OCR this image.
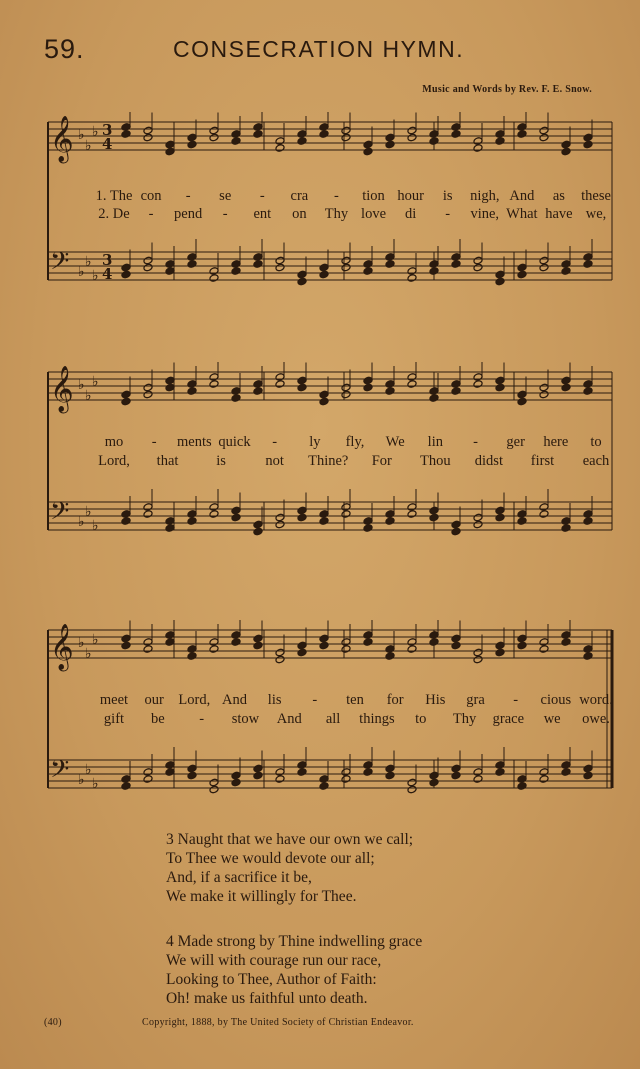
59.	CONSECRATION HYMN.
Music and Words by Rev. F. E. Snow.
𝄞 ♭
♭
♭ 3
4
𝄢 ♭
♭
♭
3
4
1. The con - se - cra - tion hour is nigh, And as these
2. De - pend - ent on Thy love di - vine, What have we,
𝄞 ♭
♭
♭
𝄢 ♭
♭
♭
mo - ments quick - ly fly, We lin - ger here to
Lord, that	is	not Thine? For Thou didst first each
𝄞 ♭
♭
♭
𝄢 ♭
♭
♭
meet our Lord, And lis - ten for His gra - cious word.
gift be - stow And all things to Thy grace we owe.
3 Naught that we have our own we call;
To Thee we would devote our all;
And, if a sacrifice it be,
We make it willingly for Thee.
4 Made strong by Thine indwelling grace
We will with courage run our race,
Looking to Thee, Author of Faith:
Oh! make us faithful unto death.
(40)	Copyright, 1888, by The United Society of Christian Endeavor.
